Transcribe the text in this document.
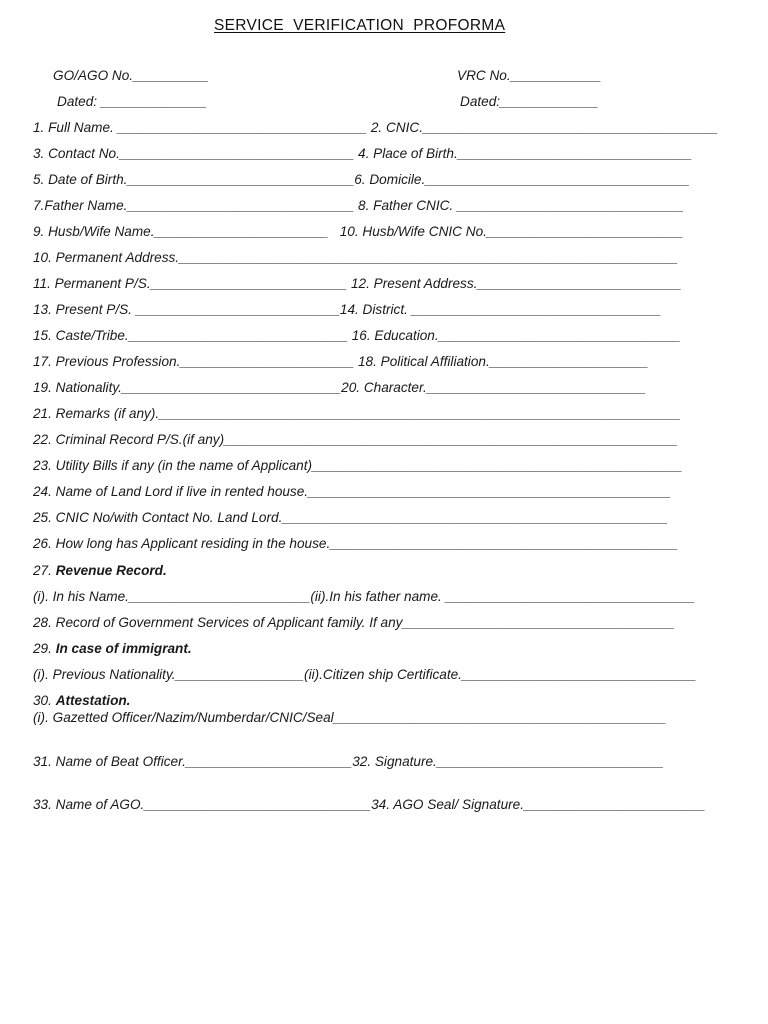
SERVICE  VERIFICATION  PROFORMA
GO/AGO No.__________	VRC No.____________
Dated: ______________	Dated:_____________
1. Full Name. _________________________________ 2. CNIC._______________________________________
3. Contact No._______________________________ 4. Place of Birth._______________________________
5. Date of Birth.______________________________6. Domicile.___________________________________
7.Father Name.______________________________ 8. Father CNIC. ______________________________
9. Husb/Wife Name._______________________   10. Husb/Wife CNIC No.__________________________
10. Permanent Address.__________________________________________________________________
11. Permanent P/S.__________________________ 12. Present Address.___________________________
13. Present P/S. ___________________________14. District. _________________________________
15. Caste/Tribe._____________________________ 16. Education.________________________________
17. Previous Profession._______________________ 18. Political Affiliation._____________________
19. Nationality._____________________________20. Character._____________________________
21. Remarks (if any)._____________________________________________________________________
22. Criminal Record P/S.(if any)____________________________________________________________
23. Utility Bills if any (in the name of Applicant)_________________________________________________
24. Name of Land Lord if live in rented house.________________________________________________
25. CNIC No/with Contact No. Land Lord.___________________________________________________
26. How long has Applicant residing in the house.______________________________________________
27. Revenue Record.
(i). In his Name.________________________(ii).In his father name. _________________________________
28. Record of Government Services of Applicant family. If any____________________________________
29. In case of immigrant.
(i). Previous Nationality._________________(ii).Citizen ship Certificate._______________________________
30. Attestation.
(i). Gazetted Officer/Nazim/Numberdar/CNIC/Seal____________________________________________
31. Name of Beat Officer.______________________32. Signature.______________________________
33. Name of AGO.______________________________34. AGO Seal/ Signature.________________________
